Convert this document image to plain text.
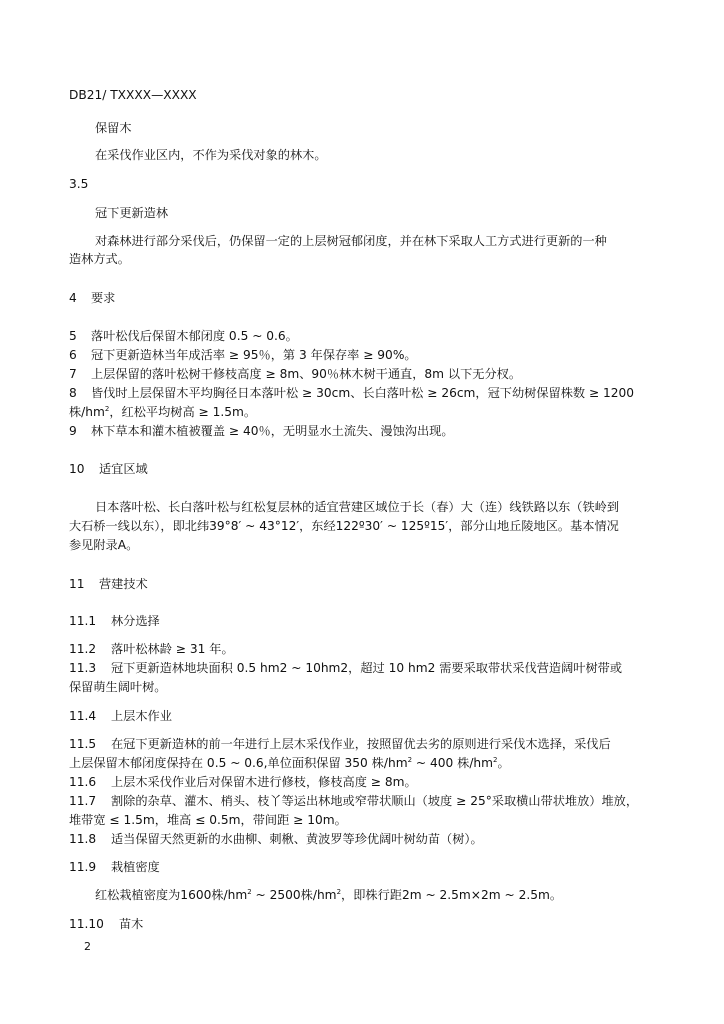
DB21/ TXXXX—XXXX
保留木
在采伐作业区内，不作为采伐对象的林木。
3.5
冠下更新造林
对森林进行部分采伐后，仍保留一定的上层树冠郁闭度，并在林下采取人工方式进行更新的一种
造林方式。
4 要求
5 落叶松伐后保留木郁闭度 0.5 ~ 0.6。
6 冠下更新造林当年成活率 ≥ 95％，第 3 年保存率 ≥ 90%。
7 上层保留的落叶松树干修枝高度 ≥ 8m、90％林木树干通直，8m 以下无分杈。
8 皆伐时上层保留木平均胸径日本落叶松 ≥ 30cm、长白落叶松 ≥ 26cm，冠下幼树保留株数 ≥ 1200
株$/hm^2$，红松平均树高 ≥ 1.5m。
9 林下草本和灌木植被覆盖 ≥ 40％，无明显水土流失、漫蚀沟出现。
10 适宜区域
日本落叶松、长白落叶松与红松复层林的适宜营建区域位于长（春）大（连）线铁路以东（铁岭到
大石桥一线以东），即北纬39°8′ ~ 43°12′，东经122º30′ ~ 125º15′，部分山地丘陵地区。基本情况
参见附录A。
11 营建技术
11.1 林分选择
11.2 落叶松林龄 ≥ 31 年。
11.3 冠下更新造林地块面积 0.5 hm2 ~ 10hm2，超过 10 hm2 需要采取带状采伐营造阔叶树带或
保留萌生阔叶树。
11.4 上层木作业
11.5 在冠下更新造林的前一年进行上层木采伐作业，按照留优去劣的原则进行采伐木选择，采伐后
上层保留木郁闭度保持在 0.5 ~ 0.6,单位面积保留 350 株$/hm^2$ ~ 400 株$/hm^2$。
11.6 上层木采伐作业后对保留木进行修枝，修枝高度 ≥ 8m。
11.7 割除的杂草、灌木、梢头、枝丫等运出林地或窄带状顺山（坡度 ≥ 25°采取横山带状堆放）堆放，
堆带宽 ≤ 1.5m，堆高 ≤ 0.5m，带间距 ≥ 10m。
11.8 适当保留天然更新的水曲柳、刺楸、黄波罗等珍优阔叶树幼苗（树）。
11.9 栽植密度
红松栽植密度为1600株$/hm^2$ ~ 2500株$/hm^2$，即株行距2m ~ 2.5m×2m ~ 2.5m。
11.10 苗木
2
